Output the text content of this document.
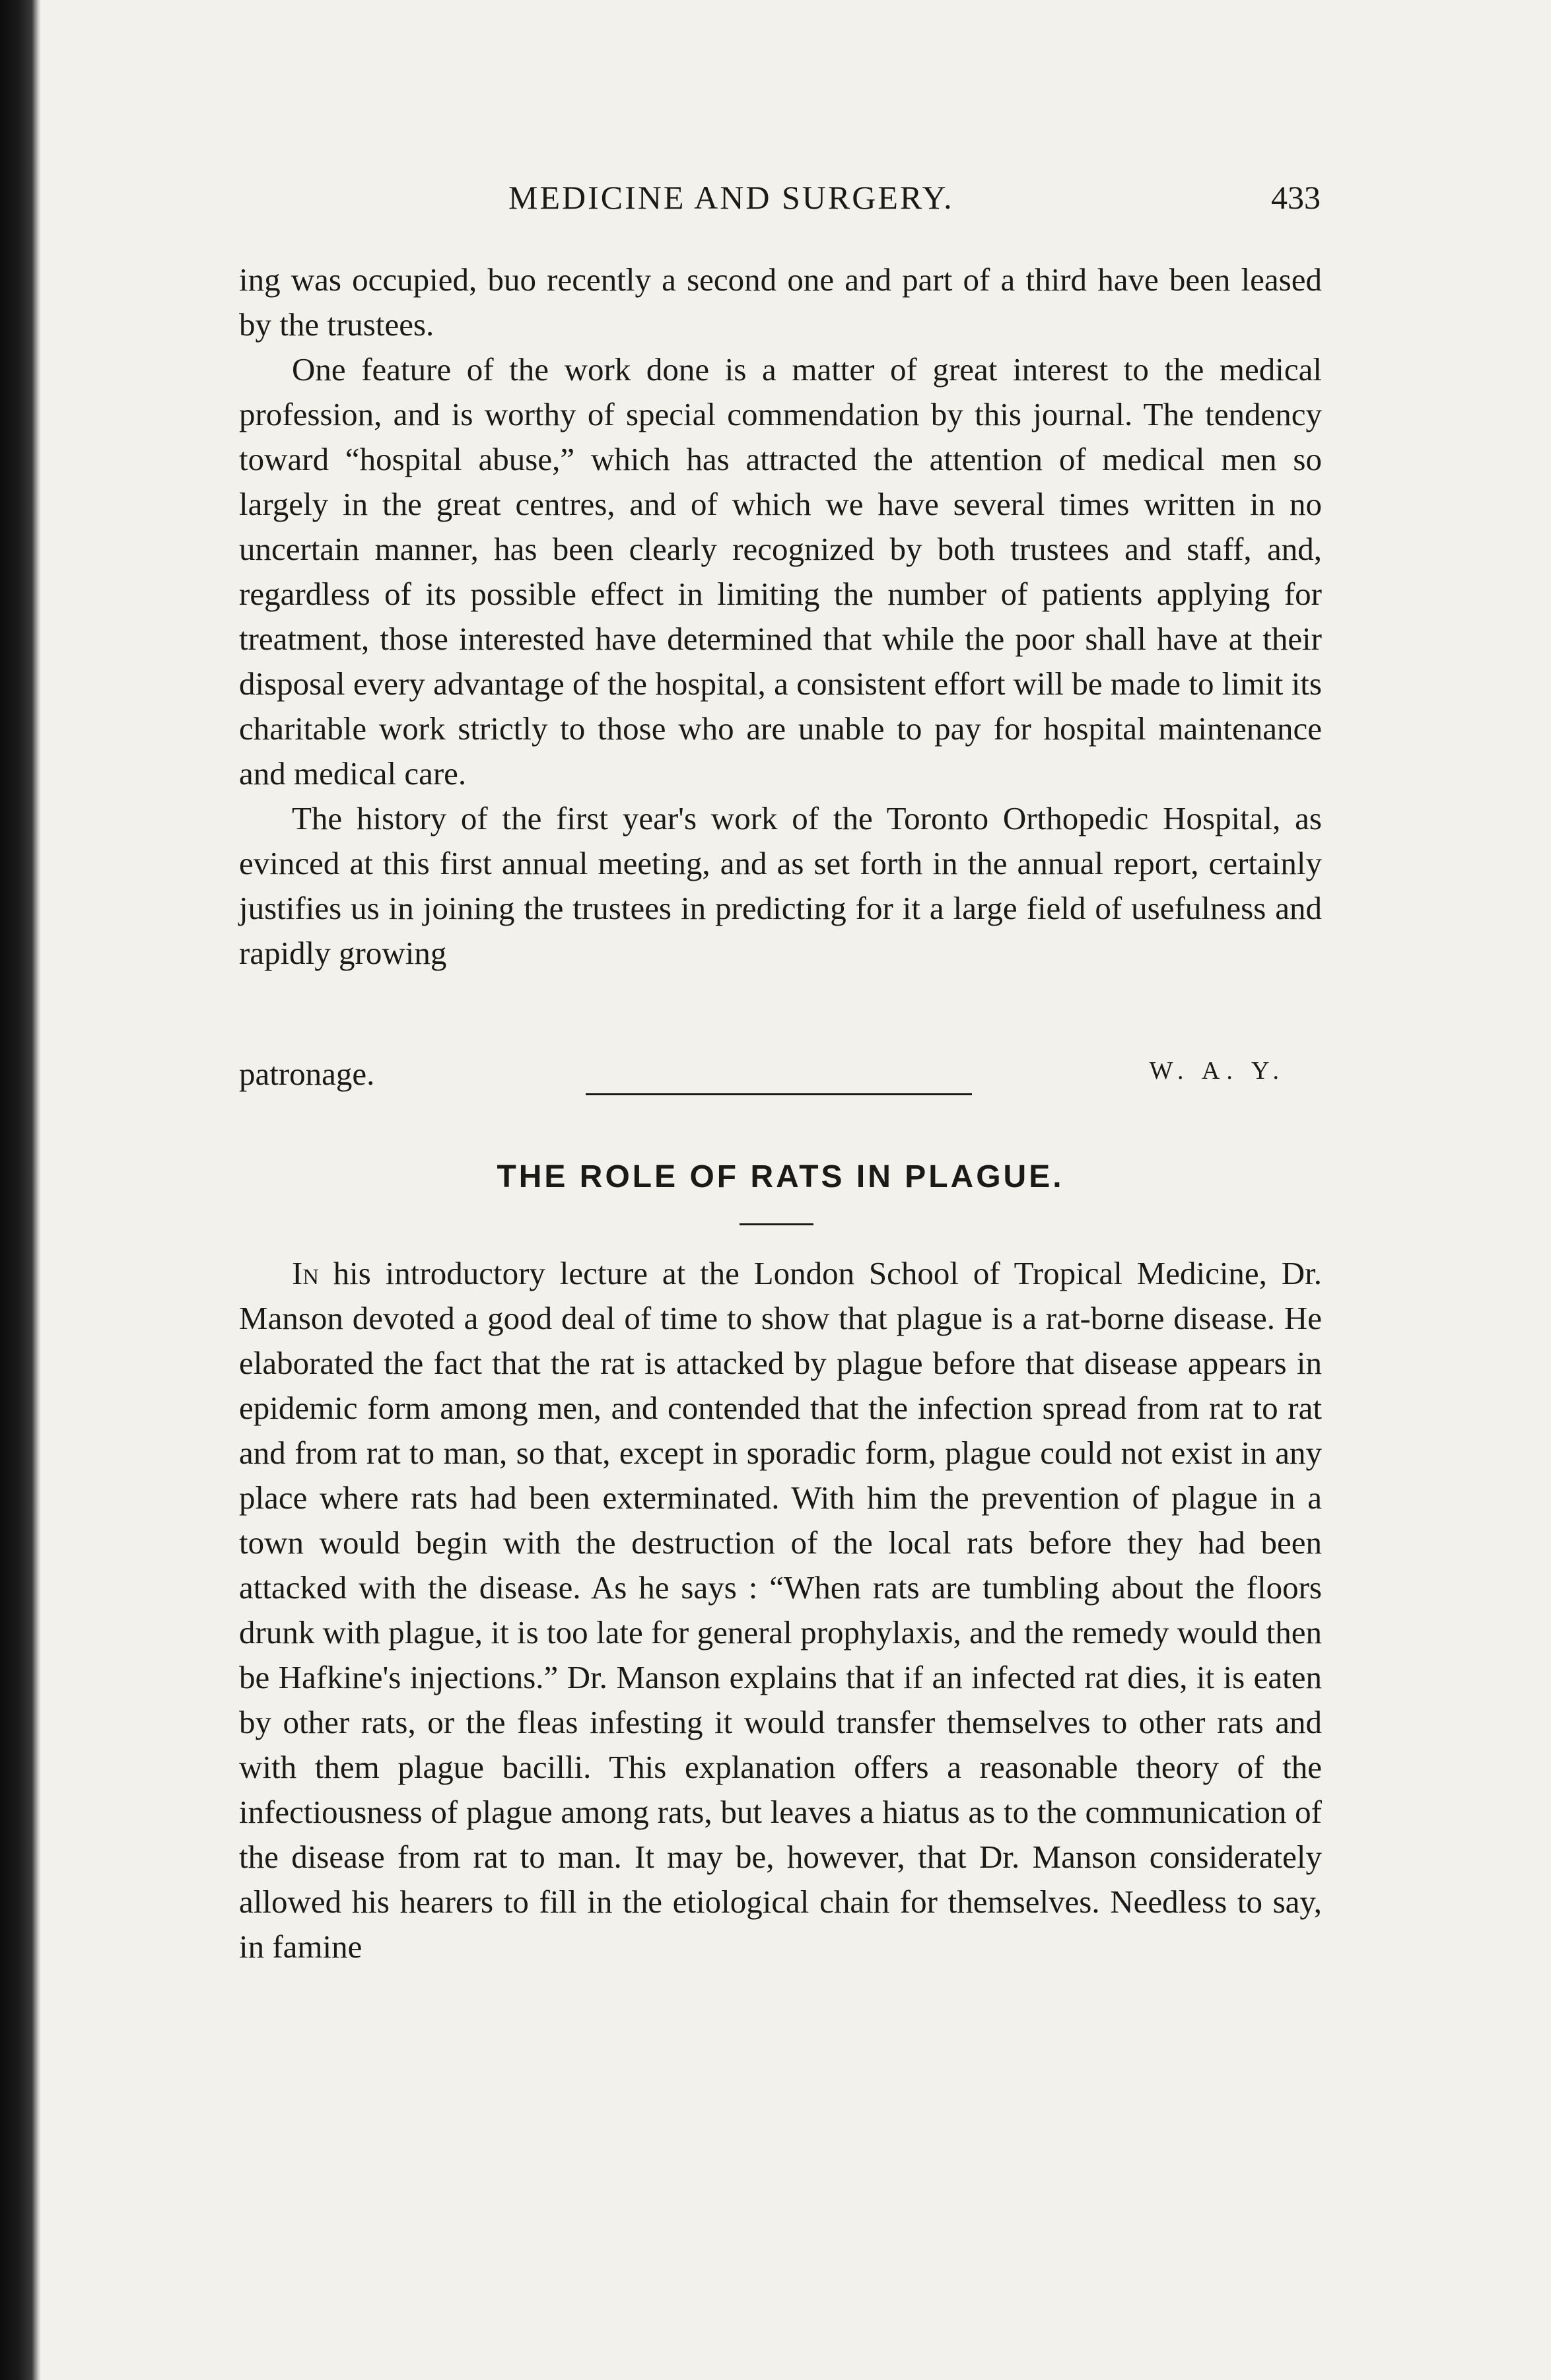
MEDICINE AND SURGERY.	433

ing was occupied, buo recently a second one and part of a third have been leased by the trustees.

One feature of the work done is a matter of great interest to the medical profession, and is worthy of special commendation by this journal. The tendency toward “hospital abuse,” which has attracted the attention of medical men so largely in the great centres, and of which we have several times written in no uncertain manner, has been clearly recognized by both trustees and staff, and, regardless of its possible effect in limiting the number of patients applying for treatment, those interested have determined that while the poor shall have at their disposal every advantage of the hospital, a consistent effort will be made to limit its charitable work strictly to those who are unable to pay for hospital maintenance and medical care.

The history of the first year's work of the Toronto Orthopedic Hospital, as evinced at this first annual meeting, and as set forth in the annual report, certainly justifies us in joining the trustees in predicting for it a large field of usefulness and rapidly growing

patronage.	W. A. Y.
THE ROLE OF RATS IN PLAGUE.

In his introductory lecture at the London School of Tropical Medicine, Dr. Manson devoted a good deal of time to show that plague is a rat-borne disease. He elaborated the fact that the rat is attacked by plague before that disease appears in epidemic form among men, and contended that the infection spread from rat to rat and from rat to man, so that, except in sporadic form, plague could not exist in any place where rats had been exterminated. With him the prevention of plague in a town would begin with the destruction of the local rats before they had been attacked with the disease. As he says : “When rats are tumbling about the floors drunk with plague, it is too late for general prophylaxis, and the remedy would then be Hafkine's injections.” Dr. Manson explains that if an infected rat dies, it is eaten by other rats, or the fleas infesting it would transfer themselves to other rats and with them plague bacilli. This explanation offers a reasonable theory of the infectiousness of plague among rats, but leaves a hiatus as to the communication of the disease from rat to man. It may be, however, that Dr. Manson considerately allowed his hearers to fill in the etiological chain for themselves. Needless to say, in famine
